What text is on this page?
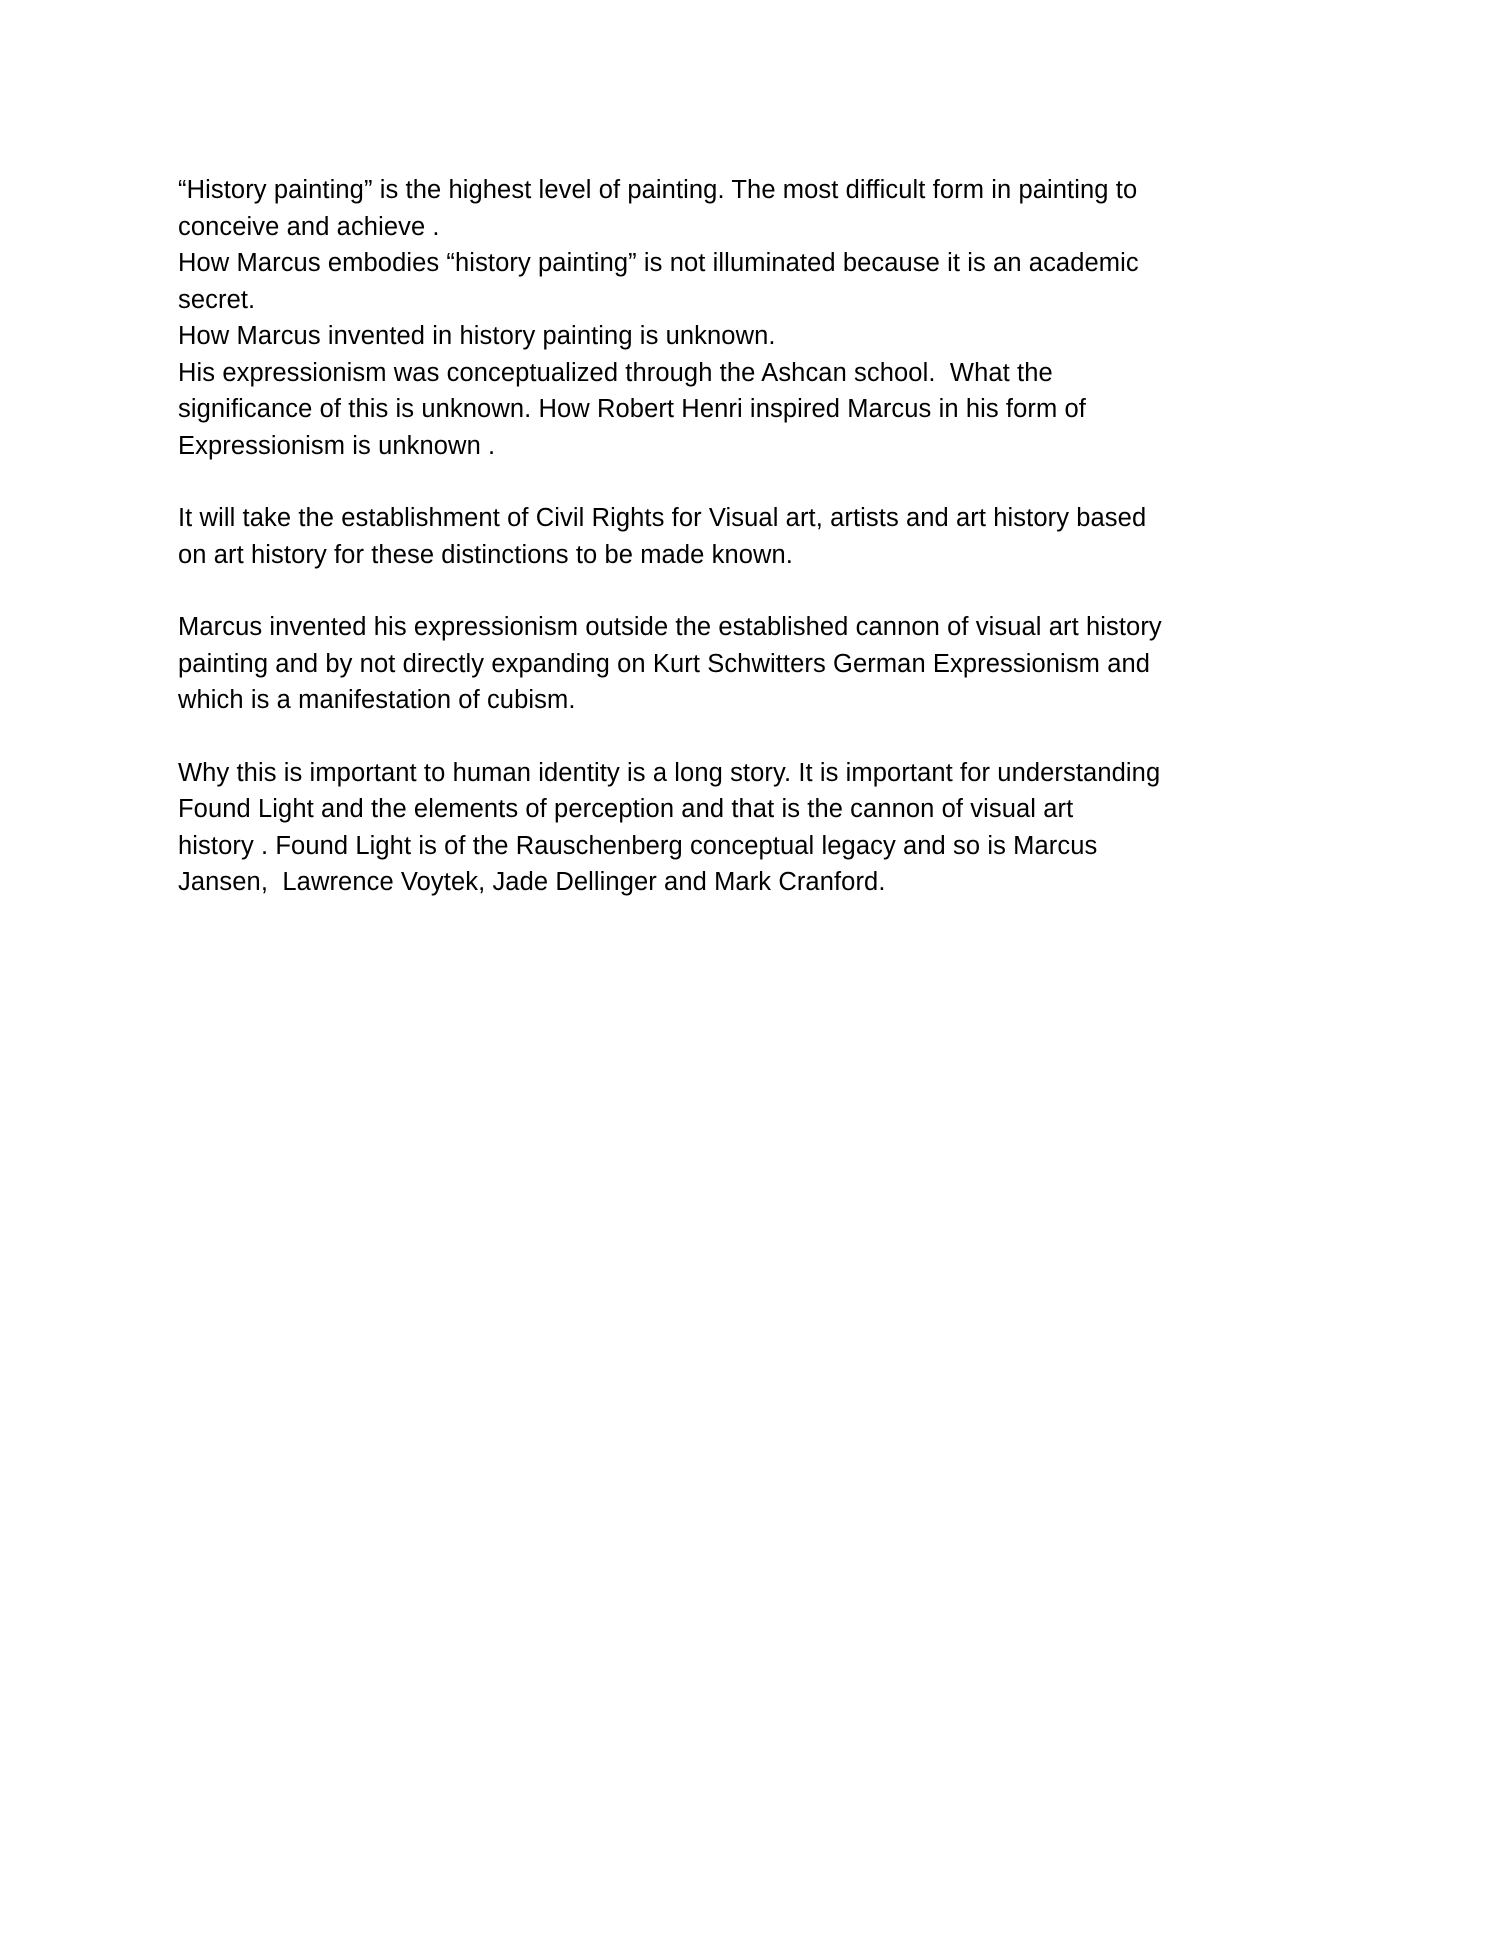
“History painting” is the highest level of painting. The most difficult form in painting to
conceive and achieve .
How Marcus embodies “history painting” is not illuminated because it is an academic
secret.
How Marcus invented in history painting is unknown.
His expressionism was conceptualized through the Ashcan school.  What the
significance of this is unknown. How Robert Henri inspired Marcus in his form of
Expressionism is unknown .

It will take the establishment of Civil Rights for Visual art, artists and art history based
on art history for these distinctions to be made known.

Marcus invented his expressionism outside the established cannon of visual art history
painting and by not directly expanding on Kurt Schwitters German Expressionism and
which is a manifestation of cubism.

Why this is important to human identity is a long story. It is important for understanding
Found Light and the elements of perception and that is the cannon of visual art
history . Found Light is of the Rauschenberg conceptual legacy and so is Marcus
Jansen,  Lawrence Voytek, Jade Dellinger and Mark Cranford.
